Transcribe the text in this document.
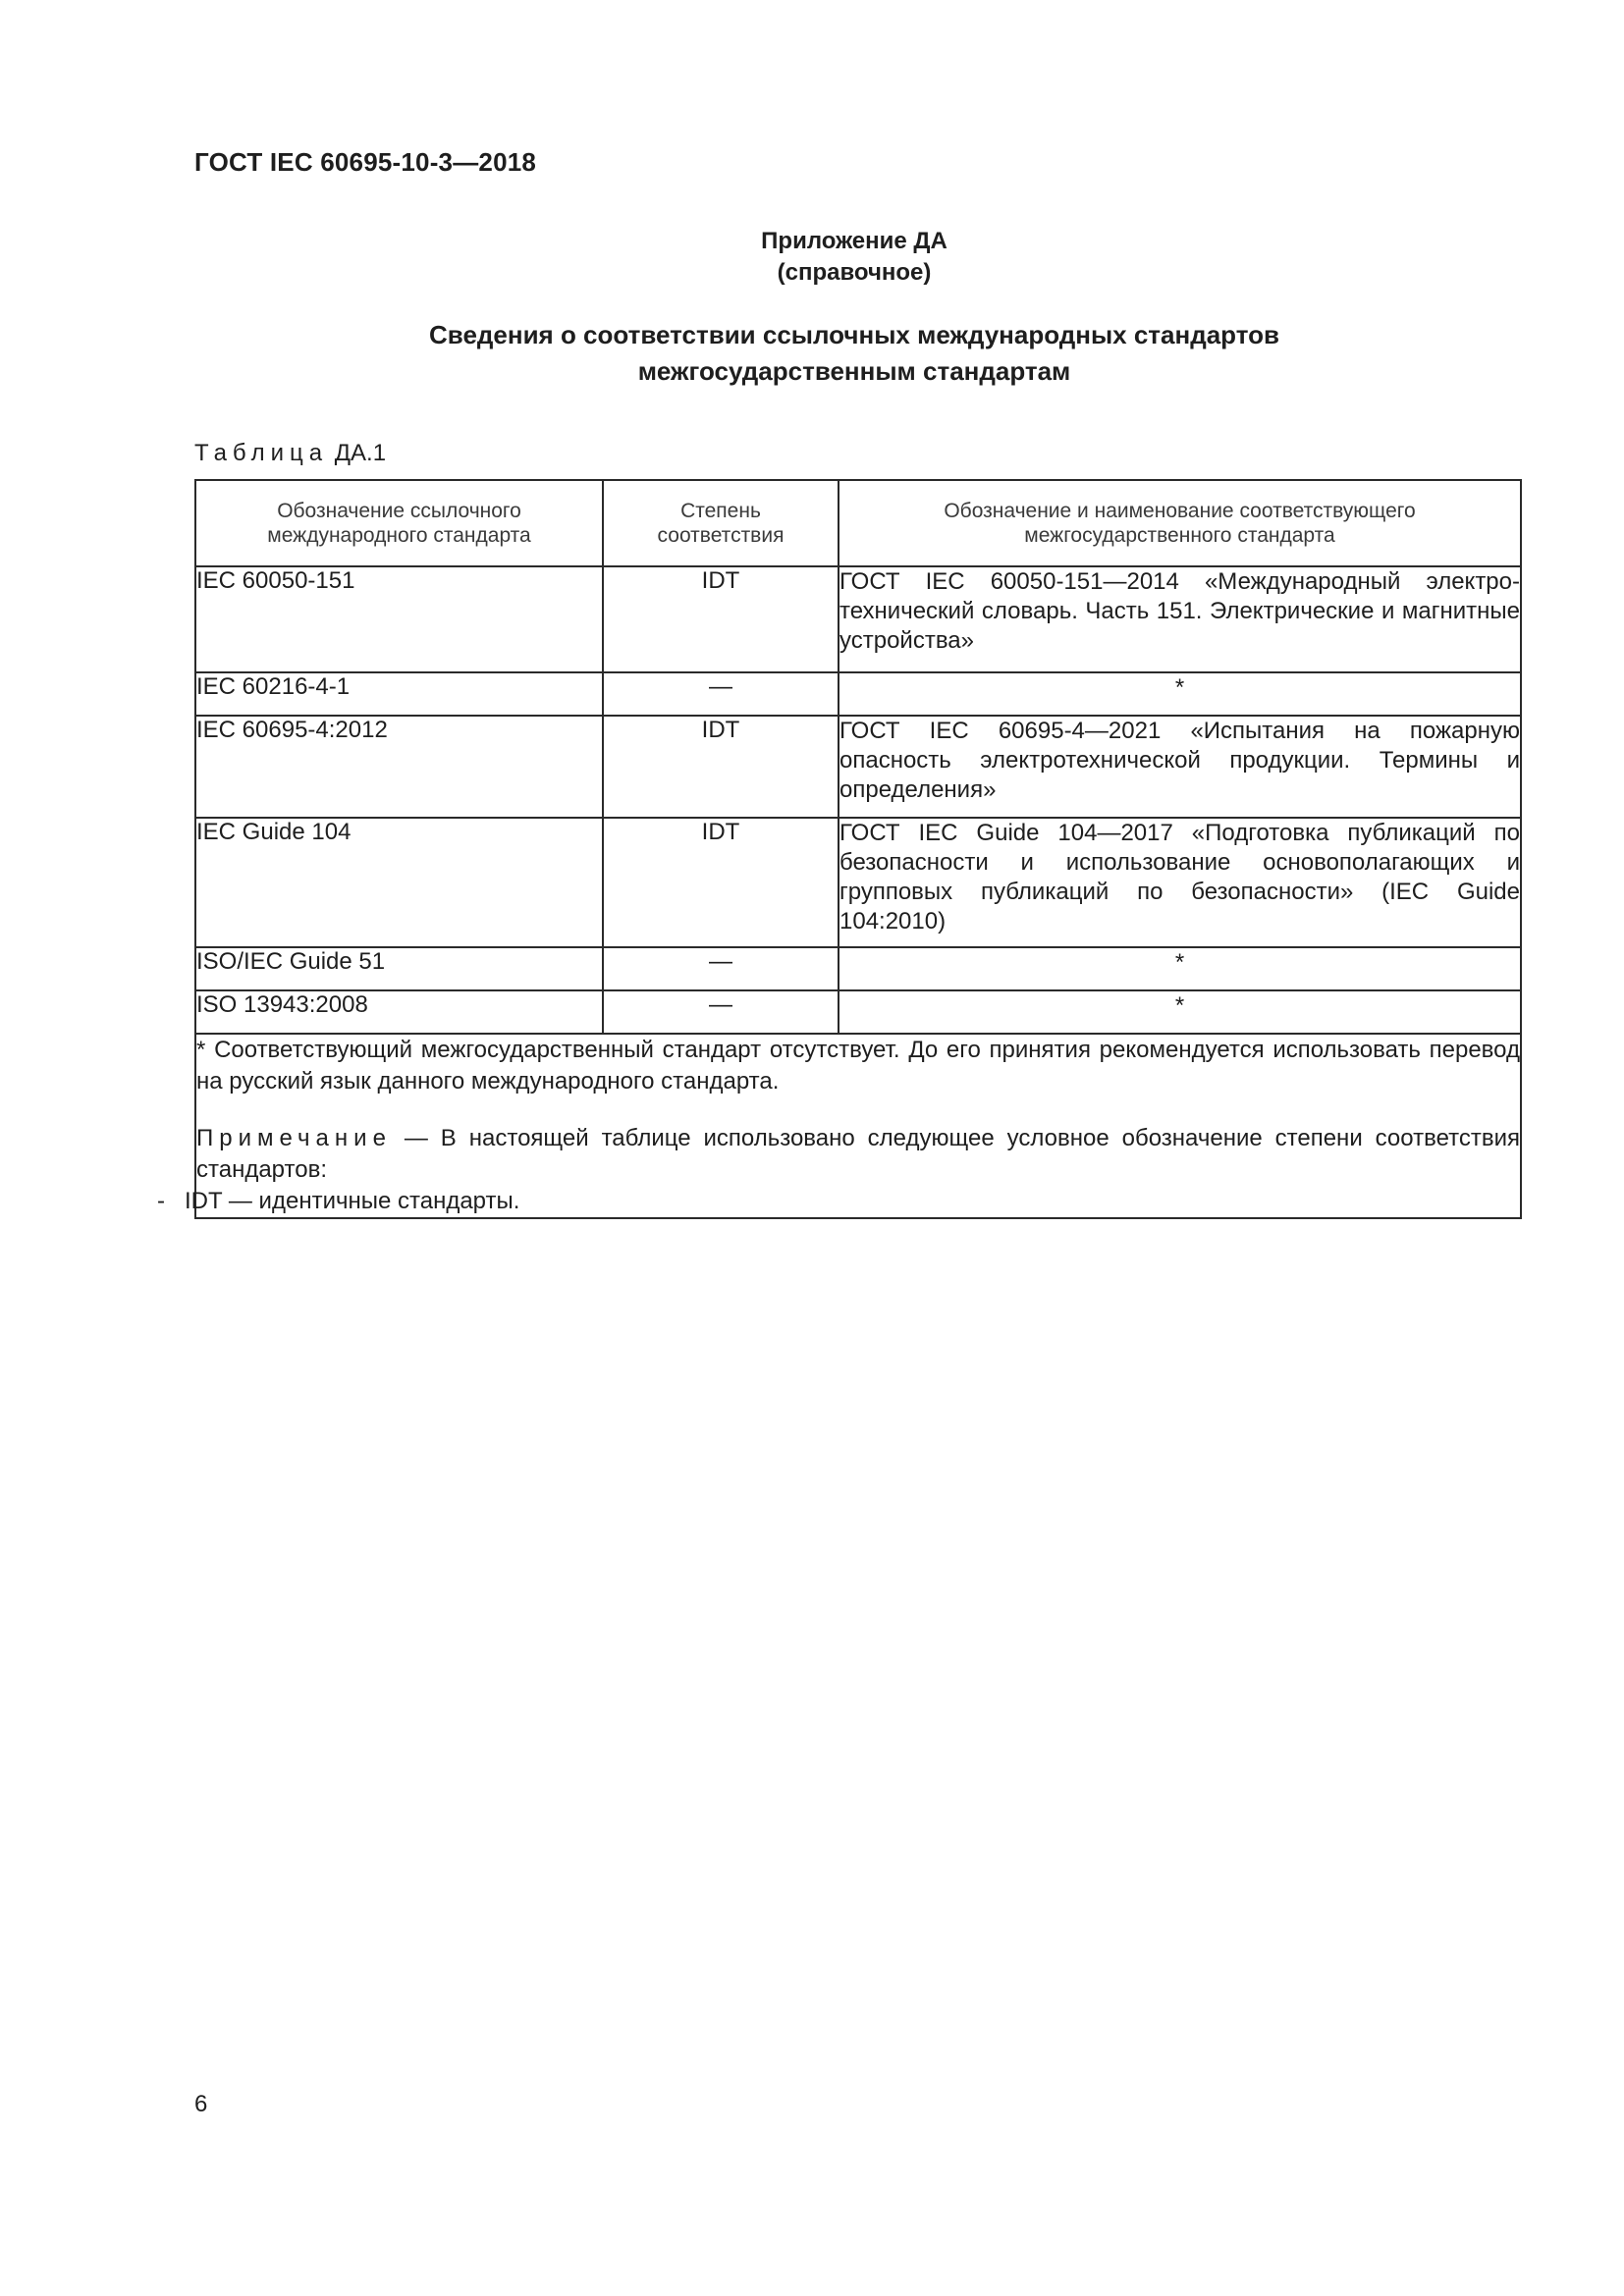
ГОСТ IEC 60695-10-3—2018
Приложение ДА
(справочное)
Сведения о соответствии ссылочных международных стандартов
межгосударственным стандартам
Таблица ДА.1
Обозначение ссылочного международного стандарта	Степень соответствия	Обозначение и наименование соответствующего межгосударственного стандарта
IEC 60050-151	IDT	ГОСТ IEC 60050-151—2014 «Международный электротехнический словарь. Часть 151. Электрические и магнитные устройства»
IEC 60216-4-1	—	*

IEC 60695-4:2012	IDT	ГОСТ IEC 60695-4—2021 «Испытания на пожарную опасность электротехнической продукции. Термины и определения»
IEC Guide 104	IDT	ГОСТ IEC Guide 104—2017 «Подготовка публикаций по безопасности и использование основополагающих и групповых публикаций по безопасности» (IEC Guide 104:2010)
ISO/IEC Guide 51	—	*

ISO 13943:2008	—	*

* Соответствующий межгосударственный стандарт отсутствует. До его принятия рекомендуется использовать перевод на русский язык данного международного стандарта.
Примечание — В настоящей таблице использовано следующее условное обозначение степени соответствия стандартов:
-   IDT — идентичные стандарты.		
6
